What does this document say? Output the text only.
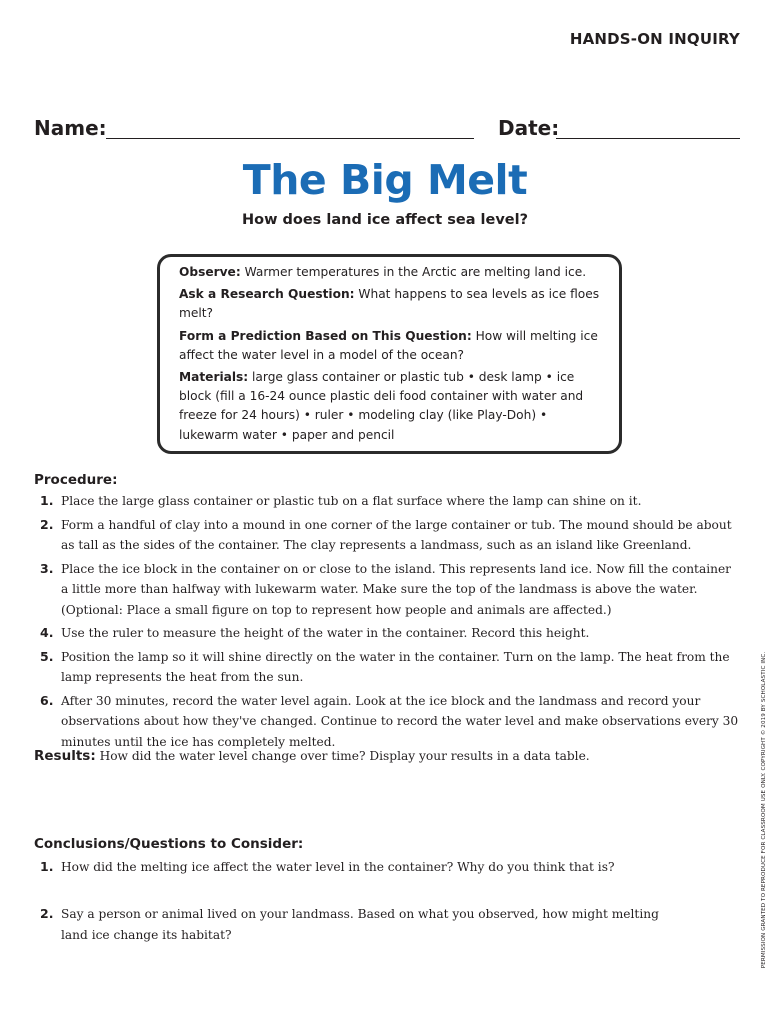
HANDS-ON INQUIRY
Name:	Date:
The Big Melt
How does land ice affect sea level?

Observe: Warmer temperatures in the Arctic are melting land ice.

Ask a Research Question: What happens to sea levels as ice floes melt?

Form a Prediction Based on This Question: How will melting ice affect the water level in a model of the ocean?

Materials: large glass container or plastic tub • desk lamp • ice block (fill a 16-24 ounce plastic deli food container with water and freeze for 24 hours) • ruler • modeling clay (like Play-Doh) • lukewarm water • paper and pencil

Procedure:
1. Place the large glass container or plastic tub on a flat surface where the lamp can shine on it.
2. Form a handful of clay into a mound in one corner of the large container or tub. The mound should be about as tall as the sides of the container. The clay represents a landmass, such as an island like Greenland.
3. Place the ice block in the container on or close to the island. This represents land ice. Now fill the container a little more than halfway with lukewarm water. Make sure the top of the landmass is above the water. (Optional: Place a small figure on top to represent how people and animals are affected.)
4. Use the ruler to measure the height of the water in the container. Record this height.
5. Position the lamp so it will shine directly on the water in the container. Turn on the lamp. The heat from the lamp represents the heat from the sun.
6. After 30 minutes, record the water level again. Look at the ice block and the landmass and record your observations about how they've changed. Continue to record the water level and make observations every 30 minutes until the ice has completely melted.
Results: How did the water level change over time? Display your results in a data table.
Conclusions/Questions to Consider:
1. How did the melting ice affect the water level in the container? Why do you think that is?
2. Say a person or animal lived on your landmass. Based on what you observed, how might melting land ice change its habitat?	PERMISSION GRANTED TO REPRODUCE FOR CLASSROOM USE ONLY. COPYRIGHT © 2019 BY SCHOLASTIC INC.
